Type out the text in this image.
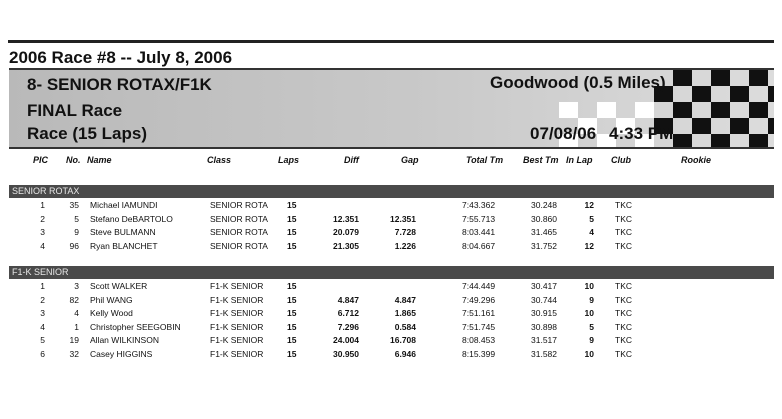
2006 Race #8 -- July 8, 2006
8- SENIOR ROTAX/F1K	Goodwood (0.5 Miles)
FINAL Race
Race (15 Laps)	07/08/06 4:33 PM
PIC No. Name	Class	Laps	Diff	Gap	Total Tm Best Tm In Lap Club	Rookie
SENIOR ROTAX
1	35 Michael IAMUNDI	SENIOR ROTA 15	7:43.362	30.248	12 TKC
2	5 Stefano DeBARTOLO	SENIOR ROTA 15	12.351	12.351	7:55.713	30.860	5 TKC
3	9 Steve BULMANN	SENIOR ROTA 15	20.079	7.728	8:03.441	31.465	4 TKC
4	96 Ryan BLANCHET	SENIOR ROTA 15	21.305	1.226	8:04.667	31.752	12 TKC
F1-K SENIOR
1	3 Scott WALKER	F1-K SENIOR	15	7:44.449	30.417	10 TKC
2	82 Phil WANG	F1-K SENIOR	15	4.847	4.847	7:49.296	30.744	9 TKC
3	4 Kelly Wood	F1-K SENIOR	15	6.712	1.865	7:51.161	30.915	10 TKC
4	1 Christopher SEEGOBIN	F1-K SENIOR	15	7.296	0.584	7:51.745	30.898	5 TKC
5	19 Allan WILKINSON	F1-K SENIOR	15	24.004	16.708	8:08.453	31.517	9 TKC
6	32 Casey HIGGINS	F1-K SENIOR	15	30.950	6.946	8:15.399	31.582	10 TKC
